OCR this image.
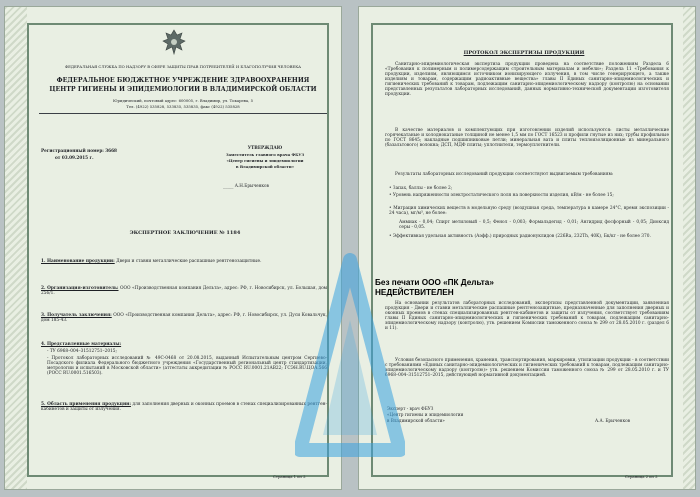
ФЕДЕРАЛЬНАЯ СЛУЖБА ПО НАДЗОРУ В СФЕРЕ ЗАЩИТЫ ПРАВ ПОТРЕБИТЕЛЕЙ И БЛАГОПОЛУЧИЯ ЧЕЛОВЕКА
ФЕДЕРАЛЬНОЕ БЮДЖЕТНОЕ УЧРЕЖДЕНИЕ ЗДРАВООХРАНЕНИЯ
ЦЕНТР ГИГИЕНЫ И ЭПИДЕМИОЛОГИИ В ВЛАДИМИРСКОЙ ОБЛАСТИ
Юридический, почтовый адрес: 600005, г. Владимир, ул. Токарева, 5
Тел. (4922) 535828, 533835, 535835, факс (4922) 535828
Регистрационный номер: 3668
от 03.09.2015 г.
УТВЕРЖДАЮ
Заместитель главного врача ФБУЗ
«Центр гигиены и эпидемиологии
в Владимирской области»
_____ А.Н.Брыченков
ЭКСПЕРТНОЕ ЗАКЛЮЧЕНИЕ № 1184
1. Наименование продукции: Двери и ставни металлические распашные рентгенозащитные.
2. Организация-изготовитель: ООО «Производственная компания Дельта», адрес: РФ, г. Новосибирск, ул. Большая, дом 256/1.
3. Получатель заключения: ООО «Производственная компания Дельта», адрес: РФ, г. Новосибирск, ул. Дуси Ковальчук, дом 185-43.
4. Представленные материалы:
- ТУ 6968–004–31512751–2015;
- Протокол лабораторных исследований № 49С-0468 от 20.08.2015, выданный Испытательным центром Сергиево-Посадского филиала Федерального бюджетного учреждения «Государственный региональный центр стандартизации, метрологии и испытаний в Московской области» (аттестаты аккредитации № РОСС RU.0001.21АВ22; ГСЭН.RU.ЦОА.566 (РОСС RU.0001.516503).
5. Область применения продукции: для заполнения дверных и оконных проемов в стенах специализированных рентген-кабинетов и защиты от излучения.
Страница 1 из 2
ПРОТОКОЛ ЭКСПЕРТИЗЫ ПРОДУКЦИИ
Санитарно-эпидемиологическая экспертиза продукции проведена на соответствие положениям Раздела 6 «Требования к полимерным и полимерсодержащим строительным материалам и мебели»; Раздела 11 «Требования к продукции, изделиям, являющимся источником ионизирующего излучения, в том числе генерирующего, а также изделиям и товарам, содержащим радиоактивные вещества» главы II Единых санитарно-эпидемиологических и гигиенических требований к товарам, подлежащим санитарно-эпидемиологическому надзору (контролю) на основании представленных результатов лабораторных исследований, данных нормативно-технической документации изготовителя продукции.
В качестве материалов и комплектующих при изготовлении изделий используются: листы металлические горячекатаные и холоднокатаные толщиной не менее 1,5 мм по ГОСТ 16523 и профили гнутые из них; трубы профильные по ГОСТ 8645; накладные подшипниковые петли; минеральная вата и плиты теплоизоляционные из минерального (базальтового) волокна; ДСП, МДФ плиты; уплотнители, термоуплотнители.
Результаты лабораторных исследований продукции соответствуют выдвигаемым требованиям:
• Запах, баллы - не более 2;
• Уровень напряженности электростатического поля на поверхности изделия, кВ/м - не более 15;
• Миграция химических веществ в модельную среду (воздушная среда, температура в камере 24°С, время экспозиции - 24 часа), мг/м³, не более:
Аммиак - 0,04; Спирт метиловый - 0,5; Фенол - 0,003; Формальдегид - 0,01; Ангидрид фосфорный - 0,05; Диоксид серы - 0,05.
• Эффективная удельная активность (Аэфф.) природных радионуклидов (226Ra, 232Th, 40K), Бк/кг - не более 370.
На основании результатов лабораторных исследований, экспертизы представленной документации, заявленная продукция - Двери и ставни металлические распашные рентгенозащитные, предназначенные для заполнения дверных и оконных проемов в стенах специализированных рентген-кабинетов и защиты от излучения, соответствует требованиям главы II Единых санитарно-эпидемиологических и гигиенических требований к товарам, подлежащим санитарно-эпидемиологическому надзору (контролю), утв. решением Комиссии таможенного союза № 299 от 28.05.2010 г. (раздел 6 и 11).
Условия безопасного применения, хранения, транспортирования, маркировки, утилизации продукции - в соответствии с требованиями «Единых санитарно-эпидемиологических и гигиенических требований к товарам, подлежащим санитарно-эпидемиологическому надзору (контролю)» утв. решением Комиссии таможенного союза № 299 от 28.05.2010 г. и ТУ 6968–004–31512751–2015, действующей нормативной документацией.
Эксперт - врач ФБУЗ
«Центр гигиены и эпидемиологии
в Владимирской области»	А.А. Брыченков
Страница 2 из 2
Без печати ООО «ПК Дельта»
НЕДЕЙСТВИТЕЛЕН
